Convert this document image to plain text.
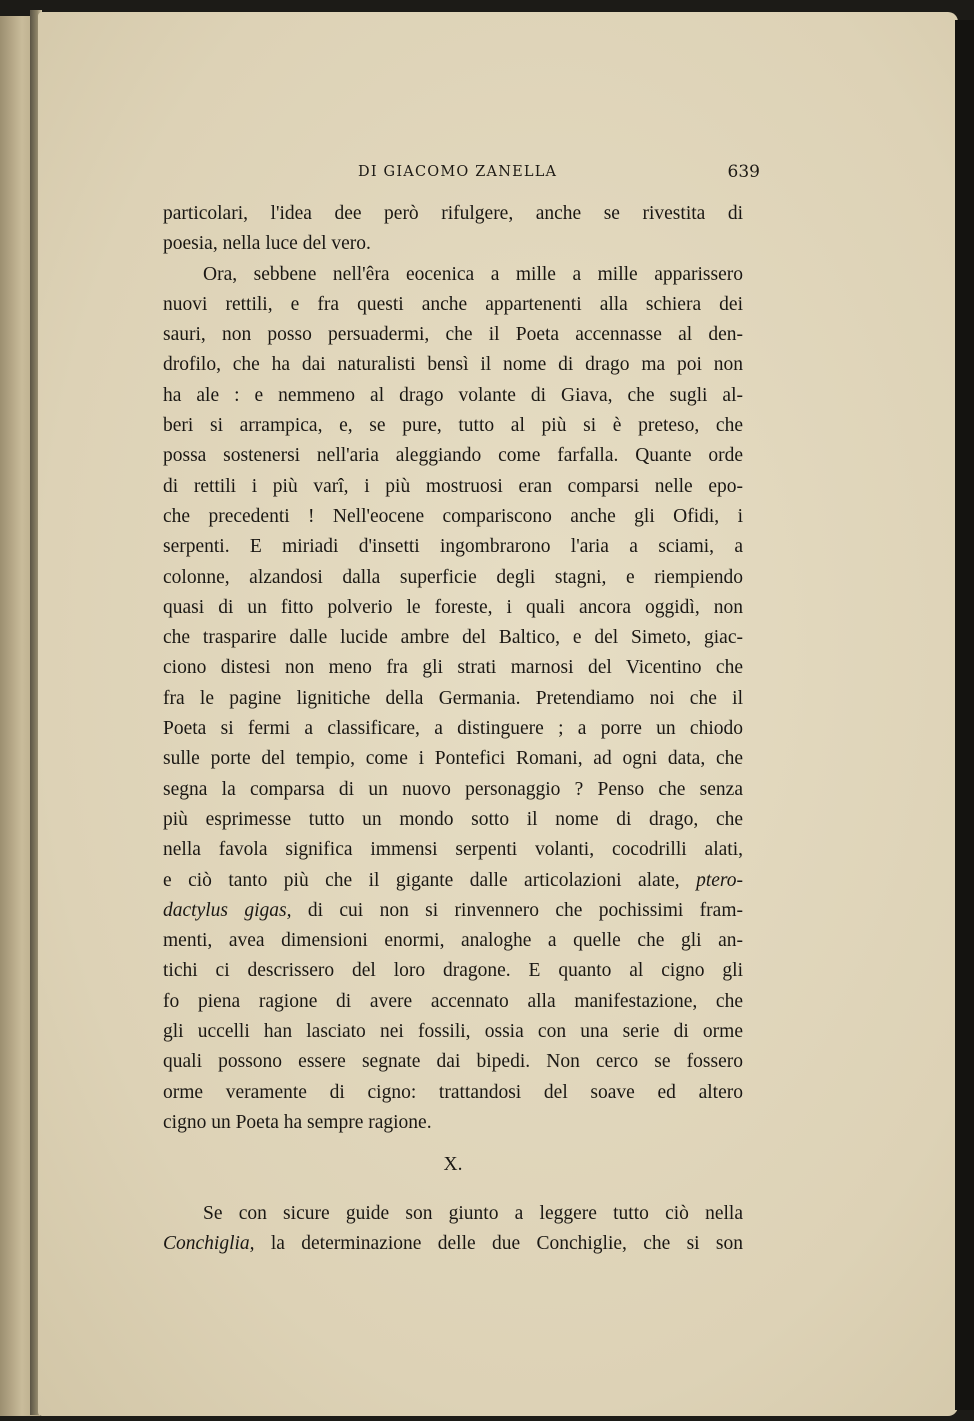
DI GIACOMO ZANELLA	639
particolari, l'idea dee però rifulgere, anche se rivestita di
poesia, nella luce del vero.
Ora, sebbene nell'êra eocenica a mille a mille apparissero
nuovi rettili, e fra questi anche appartenenti alla schiera dei
sauri, non posso persuadermi, che il Poeta accennasse al den-
drofilo, che ha dai naturalisti bensì il nome di drago ma poi non
ha ale : e nemmeno al drago volante di Giava, che sugli al-
beri si arrampica, e, se pure, tutto al più si è preteso, che
possa sostenersi nell'aria aleggiando come farfalla. Quante orde
di rettili i più varî, i più mostruosi eran comparsi nelle epo-
che precedenti ! Nell'eocene compariscono anche gli Ofidi, i
serpenti. E miriadi d'insetti ingombrarono l'aria a sciami, a
colonne, alzandosi dalla superficie degli stagni, e riempiendo
quasi di un fitto polverio le foreste, i quali ancora oggidì, non
che trasparire dalle lucide ambre del Baltico, e del Simeto, giac-
ciono distesi non meno fra gli strati marnosi del Vicentino che
fra le pagine lignitiche della Germania. Pretendiamo noi che il
Poeta si fermi a classificare, a distinguere ; a porre un chiodo
sulle porte del tempio, come i Pontefici Romani, ad ogni data, che
segna la comparsa di un nuovo personaggio ? Penso che senza
più esprimesse tutto un mondo sotto il nome di drago, che
nella favola significa immensi serpenti volanti, cocodrilli alati,
e ciò tanto più che il gigante dalle articolazioni alate, ptero-
dactylus gigas, di cui non si rinvennero che pochissimi fram-
menti, avea dimensioni enormi, analoghe a quelle che gli an-
tichi ci descrissero del loro dragone. E quanto al cigno gli
fo piena ragione di avere accennato alla manifestazione, che
gli uccelli han lasciato nei fossili, ossia con una serie di orme
quali possono essere segnate dai bipedi. Non cerco se fossero
orme veramente di cigno: trattandosi del soave ed altero
cigno un Poeta ha sempre ragione.
X.
Se con sicure guide son giunto a leggere tutto ciò nella
Conchiglia, la determinazione delle due Conchiglie, che si son
